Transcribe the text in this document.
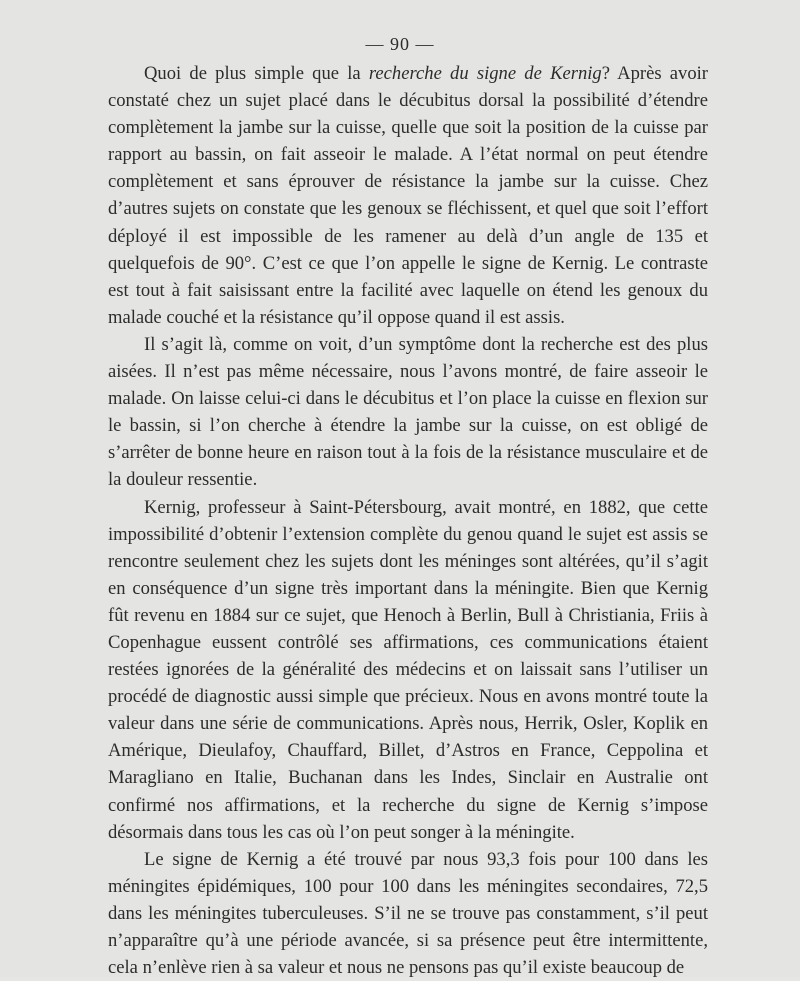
— 90 —

Quoi de plus simple que la recherche du signe de Kernig? Après avoir constaté chez un sujet placé dans le décubitus dorsal la possibilité d’étendre complètement la jambe sur la cuisse, quelle que soit la position de la cuisse par rapport au bassin, on fait asseoir le malade. A l’état normal on peut étendre complètement et sans éprouver de résistance la jambe sur la cuisse. Chez d’autres sujets on constate que les genoux se fléchissent, et quel que soit l’effort déployé il est impossible de les ramener au delà d’un angle de 135 et quelquefois de 90°. C’est ce que l’on appelle le signe de Kernig. Le contraste est tout à fait saisissant entre la facilité avec laquelle on étend les genoux du malade couché et la résistance qu’il oppose quand il est assis.

Il s’agit là, comme on voit, d’un symptôme dont la recherche est des plus aisées. Il n’est pas même nécessaire, nous l’avons montré, de faire asseoir le malade. On laisse celui-ci dans le décubitus et l’on place la cuisse en flexion sur le bassin, si l’on cherche à étendre la jambe sur la cuisse, on est obligé de s’arrêter de bonne heure en raison tout à la fois de la résistance musculaire et de la douleur ressentie.

Kernig, professeur à Saint-Pétersbourg, avait montré, en 1882, que cette impossibilité d’obtenir l’extension complète du genou quand le sujet est assis se rencontre seulement chez les sujets dont les méninges sont altérées, qu’il s’agit en conséquence d’un signe très important dans la méningite. Bien que Kernig fût revenu en 1884 sur ce sujet, que Henoch à Berlin, Bull à Christiania, Friis à Copenhague eussent contrôlé ses affirmations, ces communications étaient restées ignorées de la généralité des médecins et on laissait sans l’utiliser un procédé de diagnostic aussi simple que précieux. Nous en avons montré toute la valeur dans une série de communications. Après nous, Herrik, Osler, Koplik en Amérique, Dieulafoy, Chauffard, Billet, d’Astros en France, Ceppolina et Maragliano en Italie, Buchanan dans les Indes, Sinclair en Australie ont confirmé nos affirmations, et la recherche du signe de Kernig s’impose désormais dans tous les cas où l’on peut songer à la méningite.

Le signe de Kernig a été trouvé par nous 93,3 fois pour 100 dans les méningites épidémiques, 100 pour 100 dans les méningites secondaires, 72,5 dans les méningites tuberculeuses. S’il ne se trouve pas constamment, s’il peut n’apparaître qu’à une période avancée, si sa présence peut être intermittente, cela n’enlève rien à sa valeur et nous ne pensons pas qu’il existe beaucoup de
